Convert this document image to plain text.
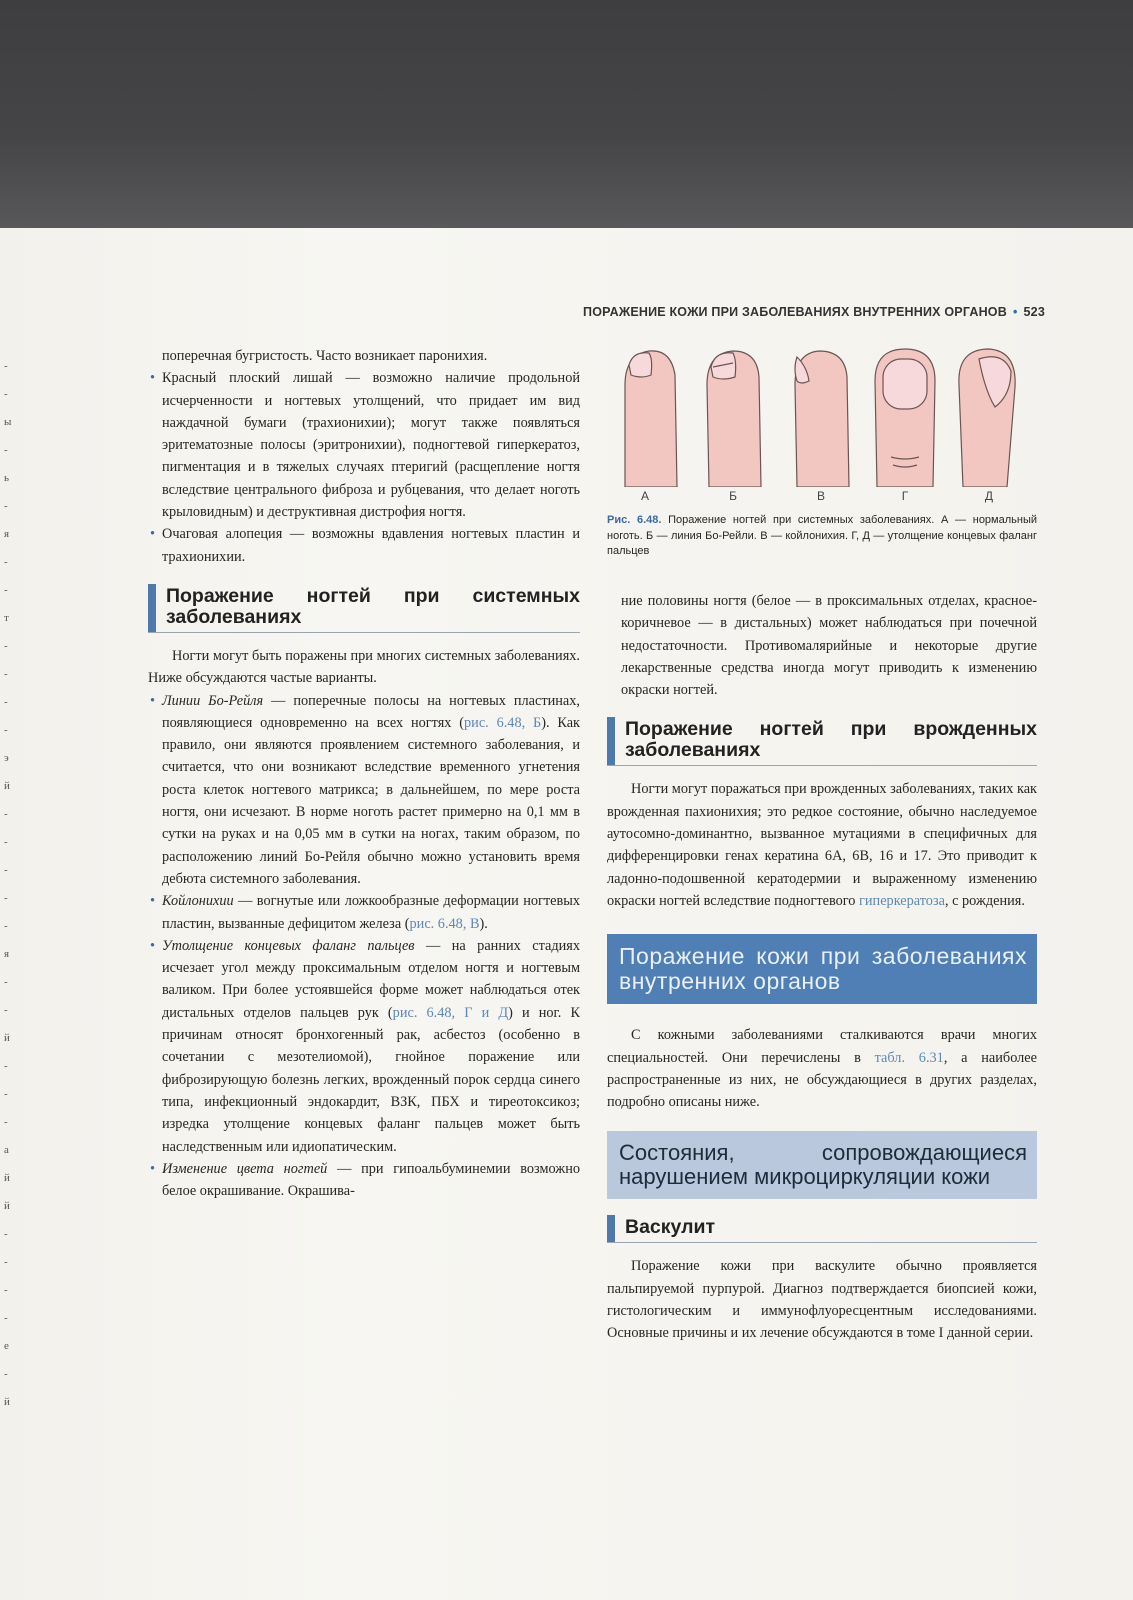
-
-
ы
-
ь
-
я
-
-
т
-
-
-
-
э
й
-
-
-
-
-
я
-
-
й
-
-
-
а
й
й
-
-
-
-
е
-
й
ПОРАЖЕНИЕ КОЖИ ПРИ ЗАБОЛЕВАНИЯХ ВНУТРЕННИХ ОРГАНОВ • 523

поперечная бугристость. Часто возникает паронихия.

• Красный плоский лишай — возможно наличие продольной исчерченности и ногтевых утолщений, что придает им вид наждачной бумаги (трахионихии); могут также появляться эритематозные полосы (эритронихии), подногтевой гиперкератоз, пигментация и в тяжелых случаях птеригий (расщепление ногтя вследствие центрального фиброза и рубцевания, что делает ноготь крыловидным) и деструктивная дистрофия ногтя.

• Очаговая алопеция — возможны вдавления ногтевых пластин и трахионихии.

Поражение ногтей при системных заболеваниях

Ногти могут быть поражены при многих системных заболеваниях. Ниже обсуждаются частые варианты.

• Линии Бо-Рейля — поперечные полосы на ногтевых пластинах, появляющиеся одновременно на всех ногтях (рис. 6.48, Б). Как правило, они являются проявлением системного заболевания, и считается, что они возникают вследствие временного угнетения роста клеток ногтевого матрикса; в дальнейшем, по мере роста ногтя, они исчезают. В норме ноготь растет примерно на 0,1 мм в сутки на руках и на 0,05 мм в сутки на ногах, таким образом, по расположению линий Бо-Рейля обычно можно установить время дебюта системного заболевания.

• Койлонихии — вогнутые или ложкообразные деформации ногтевых пластин, вызванные дефицитом железа (рис. 6.48, В).

• Утолщение концевых фаланг пальцев — на ранних стадиях исчезает угол между проксимальным отделом ногтя и ногтевым валиком. При более устоявшейся форме может наблюдаться отек дистальных отделов пальцев рук (рис. 6.48, Г и Д) и ног. К причинам относят бронхогенный рак, асбестоз (особенно в сочетании с мезотелиомой), гнойное поражение или фиброзирующую болезнь легких, врожденный порок сердца синего типа, инфекционный эндокардит, ВЗК, ПБХ и тиреотоксикоз; изредка утолщение концевых фаланг пальцев может быть наследственным или идиопатическим.

• Изменение цвета ногтей — при гипоальбуминемии возможно белое окрашивание. Окрашива-

А	Б	В	Г	Д
Рис. 6.48. Поражение ногтей при системных заболеваниях. А — нормальный ноготь. Б — линия Бо-Рейли. В — койлонихия. Г, Д — утолщение концевых фаланг пальцев

ние половины ногтя (белое — в проксимальных отделах, красное-коричневое — в дистальных) может наблюдаться при почечной недостаточности. Противомалярийные и некоторые другие лекарственные средства иногда могут приводить к изменению окраски ногтей.

Поражение ногтей при врожденных заболеваниях

Ногти могут поражаться при врожденных заболеваниях, таких как врожденная пахионихия; это редкое состояние, обычно наследуемое аутосомно-доминантно, вызванное мутациями в специфичных для дифференцировки генах кератина 6А, 6В, 16 и 17. Это приводит к ладонно-подошвенной кератодермии и выраженному изменению окраски ногтей вследствие подногтевого гиперкератоза, с рождения.

Поражение кожи при заболеваниях внутренних органов

С кожными заболеваниями сталкиваются врачи многих специальностей. Они перечислены в табл. 6.31, а наиболее распространенные из них, не обсуждающиеся в других разделах, подробно описаны ниже.

Состояния, сопровождающиеся нарушением микроциркуляции кожи
Васкулит

Поражение кожи при васкулите обычно проявляется пальпируемой пурпурой. Диагноз подтверждается биопсией кожи, гистологическим и иммунофлуоресцентным исследованиями. Основные причины и их лечение обсуждаются в томе I данной серии.
